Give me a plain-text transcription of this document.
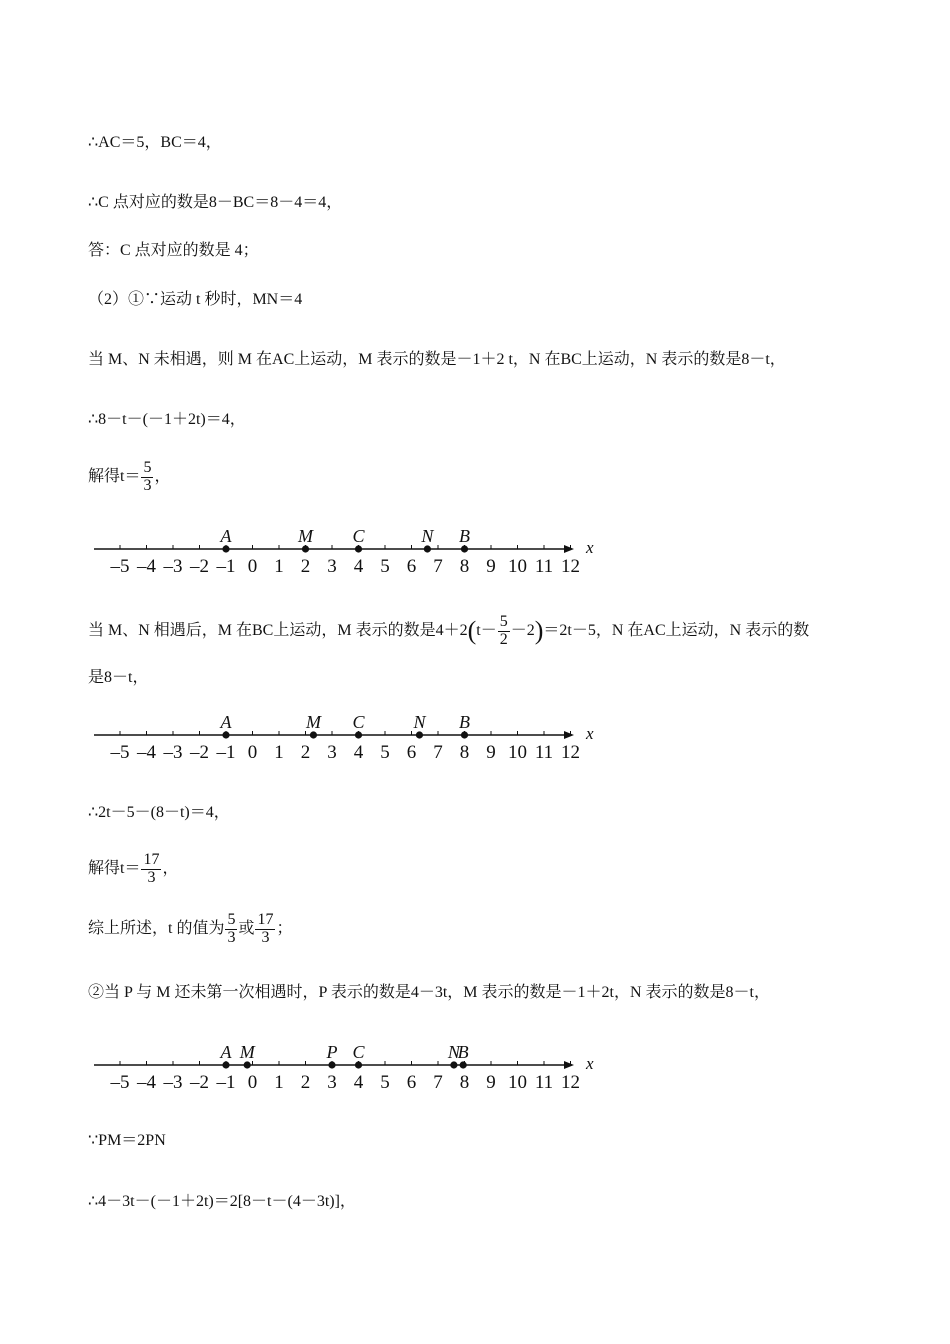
∴AC＝5，BC＝4，
∴C 点对应的数是8－BC＝8－4＝4，
答：C 点对应的数是 4；
（2）①∵运动 t 秒时，MN＝4
当 M、N 未相遇，则 M 在AC上运动，M 表示的数是－1＋2 t，N 在BC上运动，N 表示的数是8－t，
∴8－t－(－1＋2t)＝4，
解得$t= \frac{5}{3}$ ，
x
–5 –4 –3 –2 –1 0 1 2 3 4 5 6 7 8 9 10 11 12
A	M C	N B
当 M、N 相遇后，M 在BC上运动，M 表示的数是$4+2(t- \frac{5}{2} -2)=2t-5$，N 在AC上运动，N 表示的数
是8－t，
x
–5 –4 –3 –2 –1 0 1 2 3 4 5 6 7 8 9 10 11 12
A	M C	N B
∴2t－5－(8－t)＝4，
解得$t= \frac{17}{3}$ ，
综上所述，t 的值为 $\frac{5}{3}$ 或 $\frac{17}{3}$ ；
②当 P 与 M 还未第一次相遇时，P 表示的数是4－3t，M 表示的数是－1＋2t，N 表示的数是8－t，
x
–5 –4 –3 –2 –1 0 1 2 3 4 5 6 7 8 9 10 11 12
A M	P C	N
B
∵PM＝2PN
∴4－3t－(－1＋2t)＝2[8－t－(4－3t)]，
